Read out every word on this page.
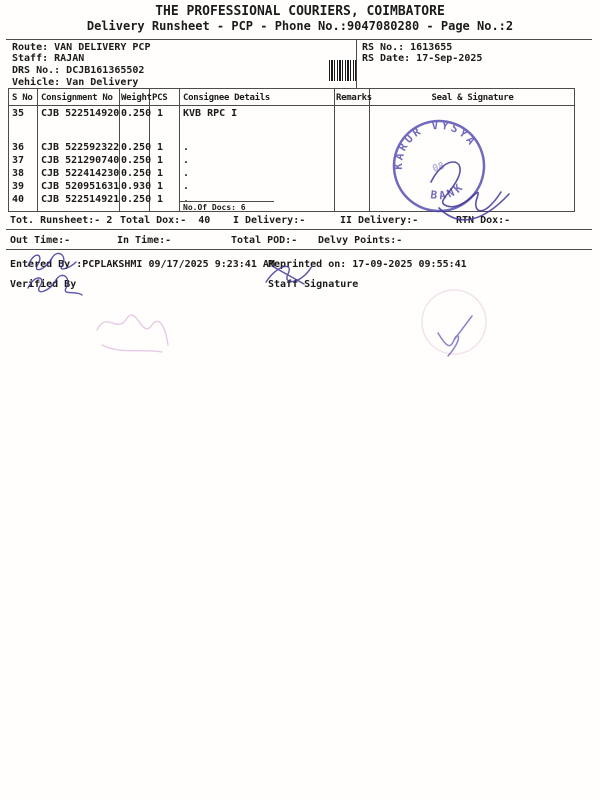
THE PROFESSIONAL COURIERS, COIMBATORE
Delivery Runsheet - PCP - Phone No.:9047080280 - Page No.:2
Route: VAN DELIVERY PCP
Staff: RAJAN
DRS No.: DCJB161365502
Vehicle: Van Delivery
RS No.: 1613655
RS Date: 17-Sep-2025
S No Consignment No Weight PCS Consignee Details	Remarks	Seal & Signature
35 CJB 522514920 0.250 1 KVB RPC I
36 CJB 522592322 0.250 1 .
37 CJB 521290740 0.250 1 .
38 CJB 522414230 0.250 1 .
39 CJB 520951631 0.930 1 .
40 CJB 522514921 0.250 1 .
No.Of Docs: 6
Tot. Runsheet:- 2 Total Dox:-  40 I Delivery:-	II Delivery:-	RTN Dox:-
Out Time:-	In Time:-	Total POD:- Delvy Points:-
Entered By :PCPLAKSHMI 09/17/2025 9:23:41 AM
Reprinted on: 17-09-2025 09:55:41
Verified By	Staff Signature
KARUR VYSYA
BANK
08
